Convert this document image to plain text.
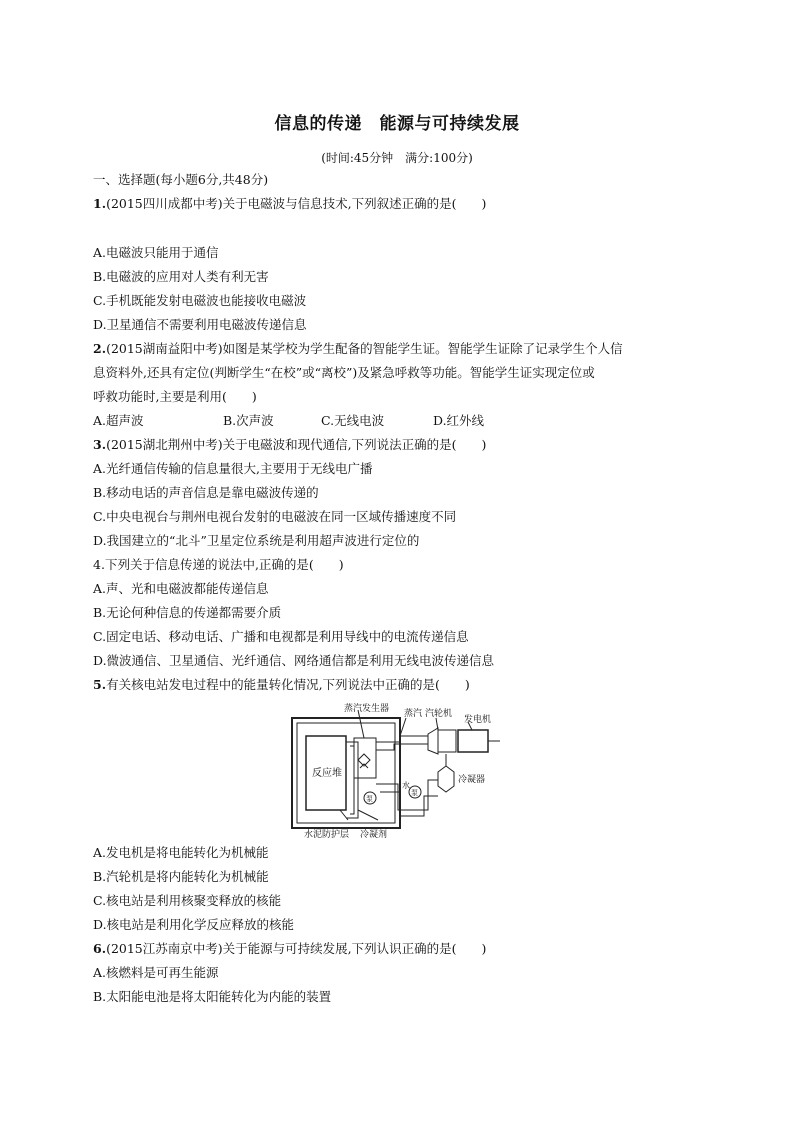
信息的传递　能源与可持续发展
(时间:45分钟　满分:100分)
一、选择题(每小题6分,共48分)
1.(2015四川成都中考)关于电磁波与信息技术,下列叙述正确的是(　　)
A.电磁波只能用于通信
B.电磁波的应用对人类有利无害
C.手机既能发射电磁波也能接收电磁波
D.卫星通信不需要利用电磁波传递信息
2.(2015湖南益阳中考)如图是某学校为学生配备的智能学生证。智能学生证除了记录学生个人信
息资料外,还具有定位(判断学生“在校”或“离校”)及紧急呼救等功能。智能学生证实现定位或
呼救功能时,主要是利用(　　)
A.超声波	B.次声波	C.无线电波	D.红外线
3.(2015湖北荆州中考)关于电磁波和现代通信,下列说法正确的是(　　)
A.光纤通信传输的信息量很大,主要用于无线电广播
B.移动电话的声音信息是靠电磁波传递的
C.中央电视台与荆州电视台发射的电磁波在同一区域传播速度不同
D.我国建立的“北斗”卫星定位系统是利用超声波进行定位的
4.下列关于信息传递的说法中,正确的是(　　)
A.声、光和电磁波都能传递信息
B.无论何种信息的传递都需要介质
C.固定电话、移动电话、广播和电视都是利用导线中的电流传递信息
D.微波通信、卫星通信、光纤通信、网络通信都是利用无线电波传递信息
5.有关核电站发电过程中的能量转化情况,下列说法中正确的是(　　)
蒸汽发生器 蒸汽 汽轮机
发电机
反应堆
泵
水
泵
冷凝器
水泥防护层 冷凝剂
A.发电机是将电能转化为机械能
B.汽轮机是将内能转化为机械能
C.核电站是利用核聚变释放的核能
D.核电站是利用化学反应释放的核能
6.(2015江苏南京中考)关于能源与可持续发展,下列认识正确的是(　　)
A.核燃料是可再生能源
B.太阳能电池是将太阳能转化为内能的装置
